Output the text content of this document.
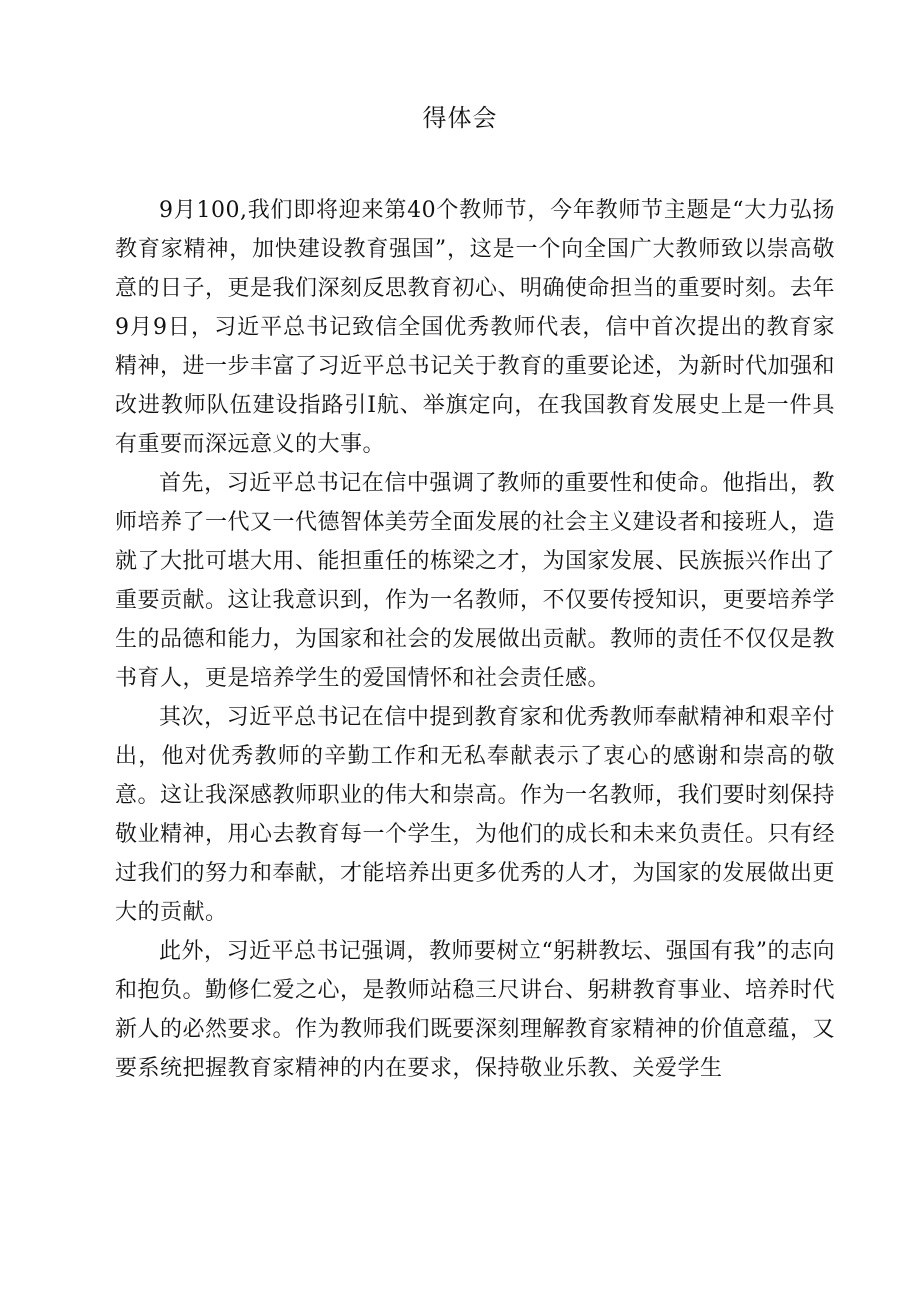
得体会

9月100,我们即将迎来第40个教师节，今年教师节主题是“大力弘扬教育家精神，加快建设教育强国”，这是一个向全国广大教师致以崇高敬意的日子，更是我们深刻反思教育初心、明确使命担当的重要时刻。去年9月9日，习近平总书记致信全国优秀教师代表，信中首次提出的教育家精神，进一步丰富了习近平总书记关于教育的重要论述，为新时代加强和改进教师队伍建设指路引I航、举旗定向，在我国教育发展史上是一件具有重要而深远意义的大事。

首先，习近平总书记在信中强调了教师的重要性和使命。他指出，教师培养了一代又一代德智体美劳全面发展的社会主义建设者和接班人，造就了大批可堪大用、能担重任的栋梁之才，为国家发展、民族振兴作出了重要贡献。这让我意识到，作为一名教师，不仅要传授知识，更要培养学生的品德和能力，为国家和社会的发展做出贡献。教师的责任不仅仅是教书育人，更是培养学生的爱国情怀和社会责任感。

其次，习近平总书记在信中提到教育家和优秀教师奉献精神和艰辛付出，他对优秀教师的辛勤工作和无私奉献表示了衷心的感谢和崇高的敬意。这让我深感教师职业的伟大和崇高。作为一名教师，我们要时刻保持敬业精神，用心去教育每一个学生，为他们的成长和未来负责任。只有经过我们的努力和奉献，才能培养出更多优秀的人才，为国家的发展做出更大的贡献。

此外，习近平总书记强调，教师要树立“躬耕教坛、强国有我”的志向和抱负。勤修仁爱之心，是教师站稳三尺讲台、躬耕教育事业、培养时代新人的必然要求。作为教师我们既要深刻理解教育家精神的价值意蕴，又要系统把握教育家精神的内在要求，保持敬业乐教、关爱学生
